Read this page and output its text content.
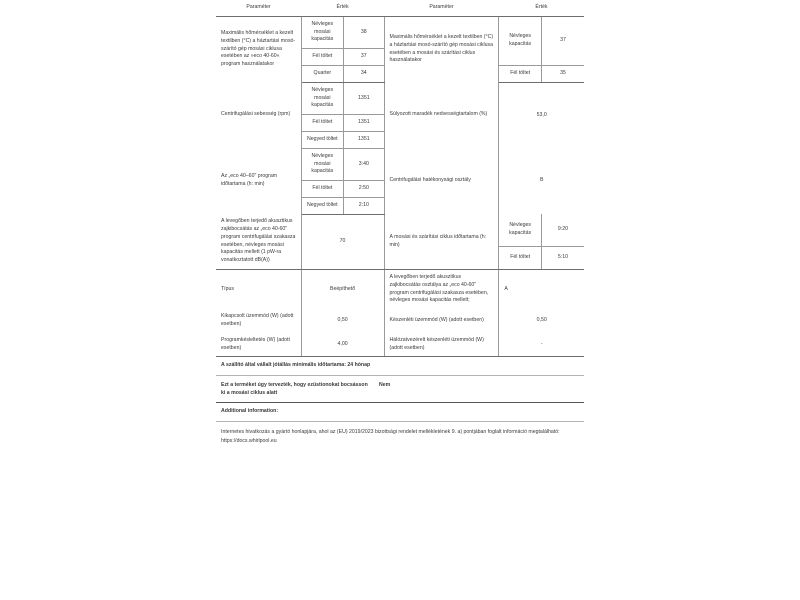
Paraméter	Érték		Paraméter	Érték	
Maximális hőmérséklet a kezelt textilben (°C) a háztartási mosó-szárító gép mosási ciklusa esetében az »eco 40-60« program használatakor	Névleges mosási kapacitás	38	Maximális hőmérséklet a kezelt textilben (°C) a háztartási mosó-szárító gép mosási ciklusa esetében a mosási és szárítási ciklus használatakor	Névleges kapacitás	37
	Fél töltet	37			
	Quarter	34		Fél töltet	35
Centrifugálási sebesség (rpm)	Névleges mosási kapacitás	1351	Súlyozott maradék nedvességtartalom (%)	53,0	
	Fél töltet	1351			
	Negyed töltet	1351			
Az „eco 40–60" program időtartama (h: min)	Névleges mosási kapacitás	3:40	Centrifugálási hatékonysági osztály	B	
	Fél töltet	2:50			
	Negyed töltet	2:10			
A levegőben terjedő akusztikus zajkibocsátás az „eco 40-60" program centrifugálási szakasza esetében, névleges mosási kapacitás mellett (1 pW-ra vonatkoztatott dB(A))	70		A mosási és szárítási ciklus időtartama (h: min)	Névleges kapacitás	9:20
				Fél töltet	5:10
Típus	Beépíthető		A levegőben terjedő akusztikus zajkibocsátás osztálya az „eco 40-60" program centrifugálási szakasza esetében, névleges mosási kapacitás mellett;	A	
Kikapcsolt üzemmód (W) (adott esetben)	0,50		Készenléti üzemmód (W) (adott esetben)	0,50	
Programkésleltetés (W) (adott esetben)	4,00		Hálózatvezérelt készenléti üzemmód (W) (adott esetben)	-	
A szállító által vállalt jótállás minimális időtartama: 24 hónap
Ezt a terméket úgy tervezték, hogy ezüstionokat bocsásson ki a mosási ciklus alatt	Nem
Additional information:
Internetes hivatkozás a gyártó honlapjára, ahol az (EU) 2019/2023 bizottsági rendelet mellékletének 9. a) pontjában foglalt információ megtalálható: https://docs.whirlpool.eu
